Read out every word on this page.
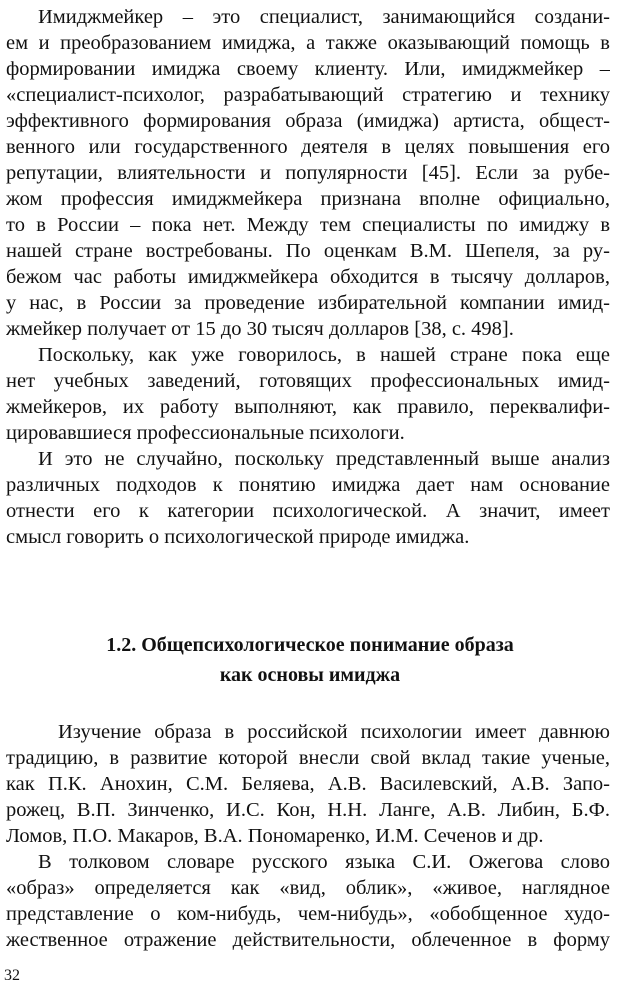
Имиджмейкер – это специалист, занимающийся создани-
ем и преобразованием имиджа, а также оказывающий помощь в
формировании имиджа своему клиенту. Или, имиджмейкер –
«специалист-психолог, разрабатывающий стратегию и технику
эффективного формирования образа (имиджа) артиста, общест-
венного или государственного деятеля в целях повышения его
репутации, влиятельности и популярности [45]. Если за рубе-
жом профессия имиджмейкера признана вполне официально,
то в России – пока нет. Между тем специалисты по имиджу в
нашей стране востребованы. По оценкам В.М. Шепеля, за ру-
бежом час работы имиджмейкера обходится в тысячу долларов,
у нас, в России за проведение избирательной компании имид-
жмейкер получает от 15 до 30 тысяч долларов [38, с. 498].
Поскольку, как уже говорилось, в нашей стране пока еще
нет учебных заведений, готовящих профессиональных имид-
жмейкеров, их работу выполняют, как правило, переквалифи-
цировавшиеся профессиональные психологи.
И это не случайно, поскольку представленный выше анализ
различных подходов к понятию имиджа дает нам основание
отнести его к категории психологической. А значит, имеет
смысл говорить о психологической природе имиджа.
1.2. Общепсихологическое понимание образа
как основы имиджа
Изучение образа в российской психологии имеет давнюю
традицию, в развитие которой внесли свой вклад такие ученые,
как П.К. Анохин, С.М. Беляева, А.В. Василевский, А.В. Запо-
рожец, В.П. Зинченко, И.С. Кон, Н.Н. Ланге, А.В. Либин, Б.Ф.
Ломов, П.О. Макаров, В.А. Пономаренко, И.М. Сеченов и др.
В толковом словаре русского языка С.И. Ожегова слово
«образ» определяется как «вид, облик», «живое, наглядное
представление о ком-нибудь, чем-нибудь», «обобщенное худо-
жественное отражение действительности, облеченное в форму
32
